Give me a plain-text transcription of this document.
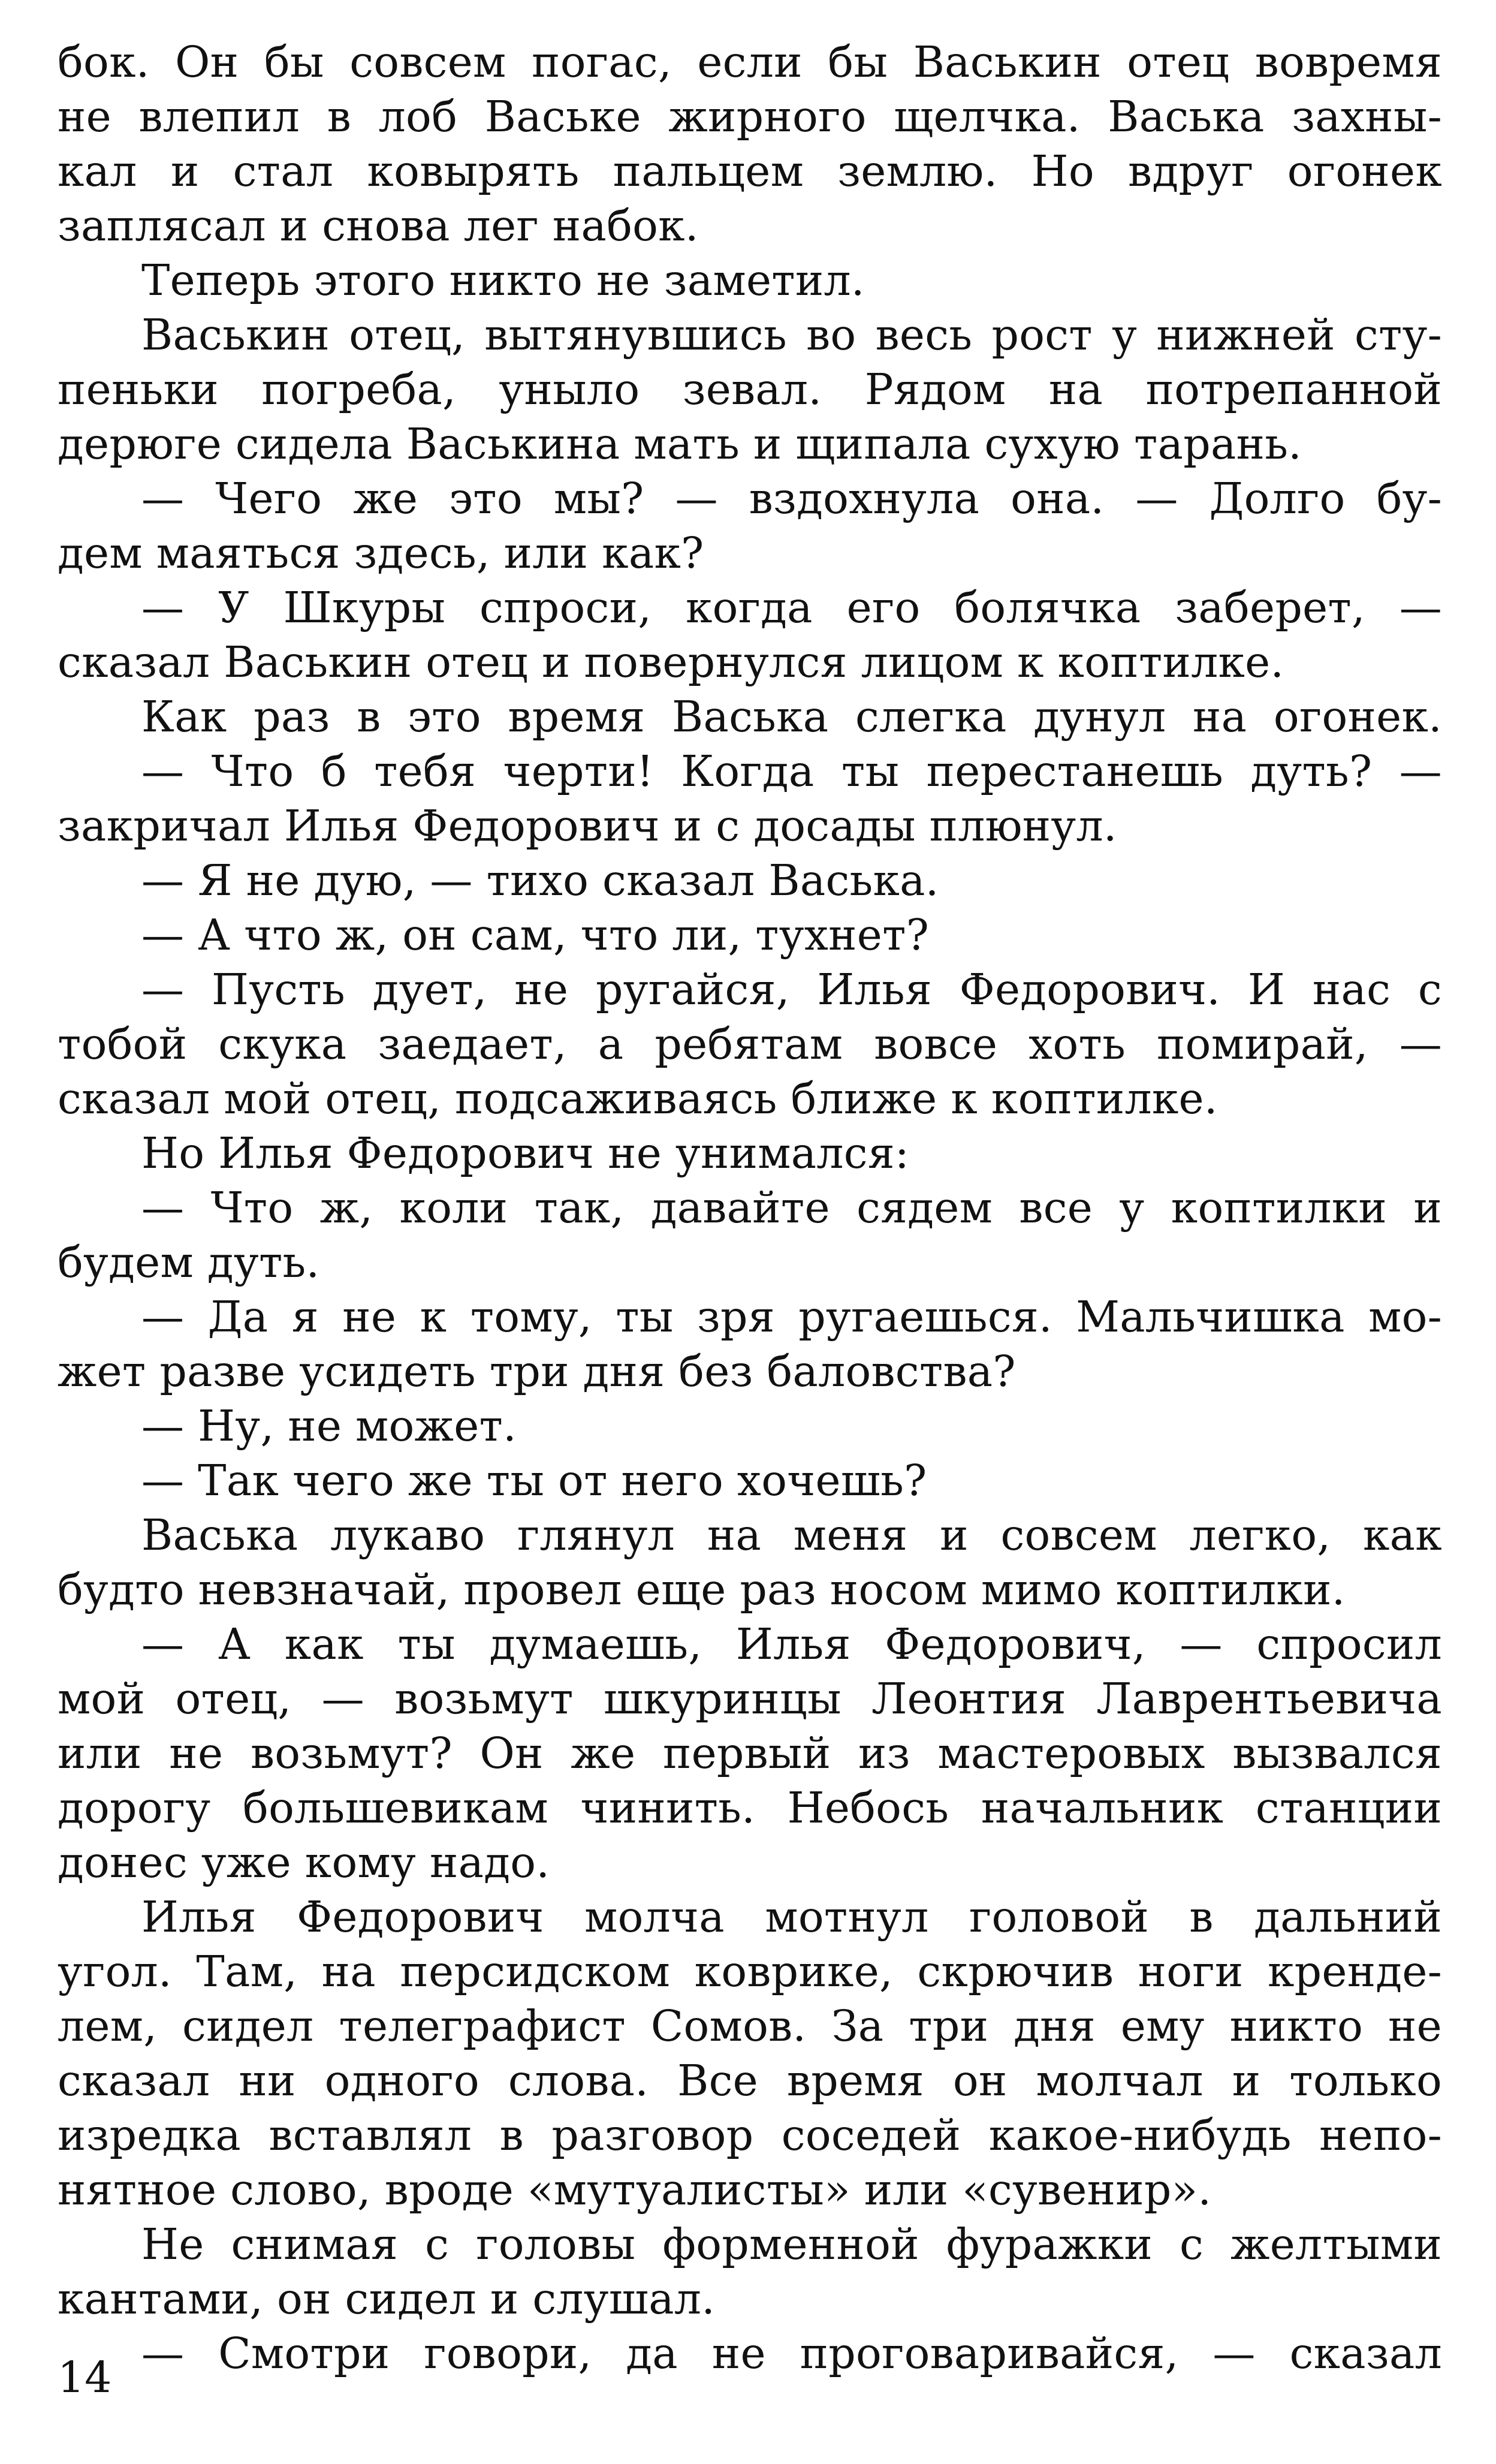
бок. Он бы совсем погас, если бы Васькин отец вовремя
не влепил в лоб Ваське жирного щелчка. Васька захны-
кал и стал ковырять пальцем землю. Но вдруг огонек
заплясал и снова лег набок.
Теперь этого никто не заметил.
Васькин отец, вытянувшись во весь рост у нижней сту-
пеньки погреба, уныло зевал. Рядом на потрепанной
дерюге сидела Васькина мать и щипала сухую тарань.
— Чего же это мы? — вздохнула она. — Долго бу-
дем маяться здесь, или как?
— У Шкуры спроси, когда его болячка заберет, —
сказал Васькин отец и повернулся лицом к коптилке.
Как раз в это время Васька слегка дунул на огонек.
— Что б тебя черти! Когда ты перестанешь дуть? —
закричал Илья Федорович и с досады плюнул.
— Я не дую, — тихо сказал Васька.
— А что ж, он сам, что ли, тухнет?
— Пусть дует, не ругайся, Илья Федорович. И нас с
тобой скука заедает, а ребятам вовсе хоть помирай, —
сказал мой отец, подсаживаясь ближе к коптилке.
Но Илья Федорович не унимался:
— Что ж, коли так, давайте сядем все у коптилки и
будем дуть.
— Да я не к тому, ты зря ругаешься. Мальчишка мо-
жет разве усидеть три дня без баловства?
— Ну, не может.
— Так чего же ты от него хочешь?
Васька лукаво глянул на меня и совсем легко, как
будто невзначай, провел еще раз носом мимо коптилки.
— А как ты думаешь, Илья Федорович, — спросил
мой отец, — возьмут шкуринцы Леонтия Лаврентьевича
или не возьмут? Он же первый из мастеровых вызвался
дорогу большевикам чинить. Небось начальник станции
донес уже кому надо.
Илья Федорович молча мотнул головой в дальний
угол. Там, на персидском коврике, скрючив ноги кренде-
лем, сидел телеграфист Сомов. За три дня ему никто не
сказал ни одного слова. Все время он молчал и только
изредка вставлял в разговор соседей какое-нибудь непо-
нятное слово, вроде «мутуалисты» или «сувенир».
Не снимая с головы форменной фуражки с желтыми
кантами, он сидел и слушал.
— Смотри говори, да не проговаривайся, — сказал
14
